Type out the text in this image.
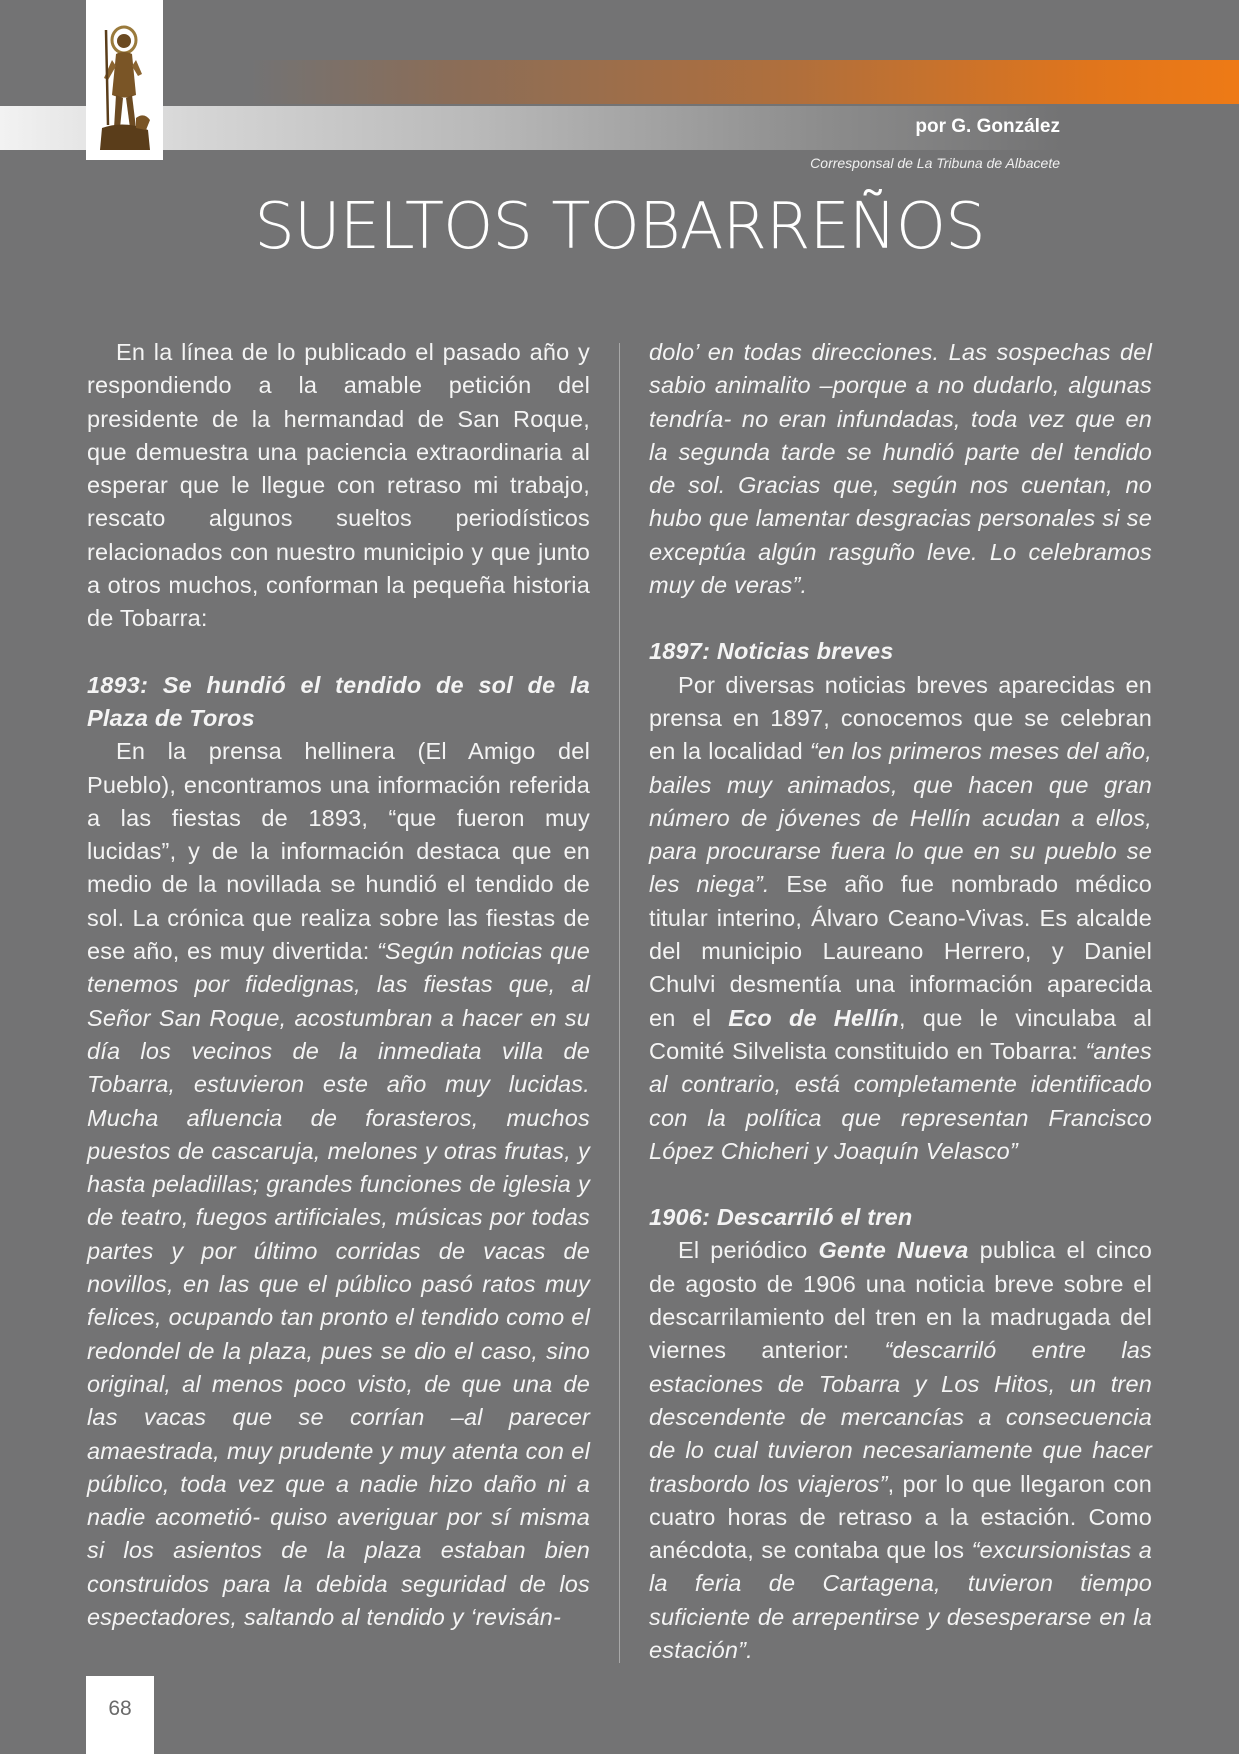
por G. González
Corresponsal de La Tribuna de Albacete
SUELTOS TOBARREÑOS

En la línea de lo publicado el pasado año y respondiendo a la amable petición del presidente de la hermandad de San Roque, que demuestra una paciencia extraordinaria al esperar que le llegue con retraso mi trabajo, rescato algunos sueltos periodísticos relacionados con nuestro municipio y que junto a otros muchos, conforman la pequeña historia de Tobarra:

1893: Se hundió el tendido de sol de la Plaza de Toros

En la prensa hellinera (El Amigo del Pueblo), encontramos una información referida a las fiestas de 1893, “que fueron muy lucidas”, y de la información destaca que en medio de la novillada se hundió el tendido de sol. La crónica que realiza sobre las fiestas de ese año, es muy divertida: “Según noticias que tenemos por fidedignas, las fiestas que, al Señor San Roque, acostumbran a hacer en su día los vecinos de la inmediata villa de Tobarra, estuvieron este año muy lucidas. Mucha afluencia de forasteros, muchos puestos de cascaruja, melones y otras frutas, y hasta peladillas; grandes funciones de iglesia y de teatro, fuegos artificiales, músicas por todas partes y por último corridas de vacas de novillos, en las que el público pasó ratos muy felices, ocupando tan pronto el tendido como el redondel de la plaza, pues se dio el caso, sino original, al menos poco visto, de que una de las vacas que se corrían –al parecer amaestrada, muy prudente y muy atenta con el público, toda vez que a nadie hizo daño ni a nadie acometió- quiso averiguar por sí misma si los asientos de la plaza estaban bien construidos para la debida seguridad de los espectadores, saltando al tendido y ‘revisán-

dolo’ en todas direcciones. Las sospechas del sabio animalito –porque a no dudarlo, algunas tendría- no eran infundadas, toda vez que en la segunda tarde se hundió parte del tendido de sol. Gracias que, según nos cuentan, no hubo que lamentar desgracias personales si se exceptúa algún rasguño leve. Lo celebramos muy de veras”.

1897: Noticias breves

Por diversas noticias breves aparecidas en prensa en 1897, conocemos que se celebran en la localidad “en los primeros meses del año, bailes muy animados, que hacen que gran número de jóvenes de Hellín acudan a ellos, para procurarse fuera lo que en su pueblo se les niega”. Ese año fue nombrado médico titular interino, Álvaro Ceano-Vivas. Es alcalde del municipio Laureano Herrero, y Daniel Chulvi desmentía una información aparecida en el Eco de Hellín, que le vinculaba al Comité Silvelista constituido en Tobarra: “antes al contrario, está completamente identificado con la política que representan Francisco López Chicheri y Joaquín Velasco”

1906: Descarriló el tren

El periódico Gente Nueva publica el cinco de agosto de 1906 una noticia breve sobre el descarrilamiento del tren en la madrugada del viernes anterior: “descarriló entre las estaciones de Tobarra y Los Hitos, un tren descendente de mercancías a consecuencia de lo cual tuvieron necesariamente que hacer trasbordo los viajeros”, por lo que llegaron con cuatro horas de retraso a la estación. Como anécdota, se contaba que los “excursionistas a la feria de Cartagena, tuvieron tiempo suficiente de arrepentirse y desesperarse en la estación”.

68
